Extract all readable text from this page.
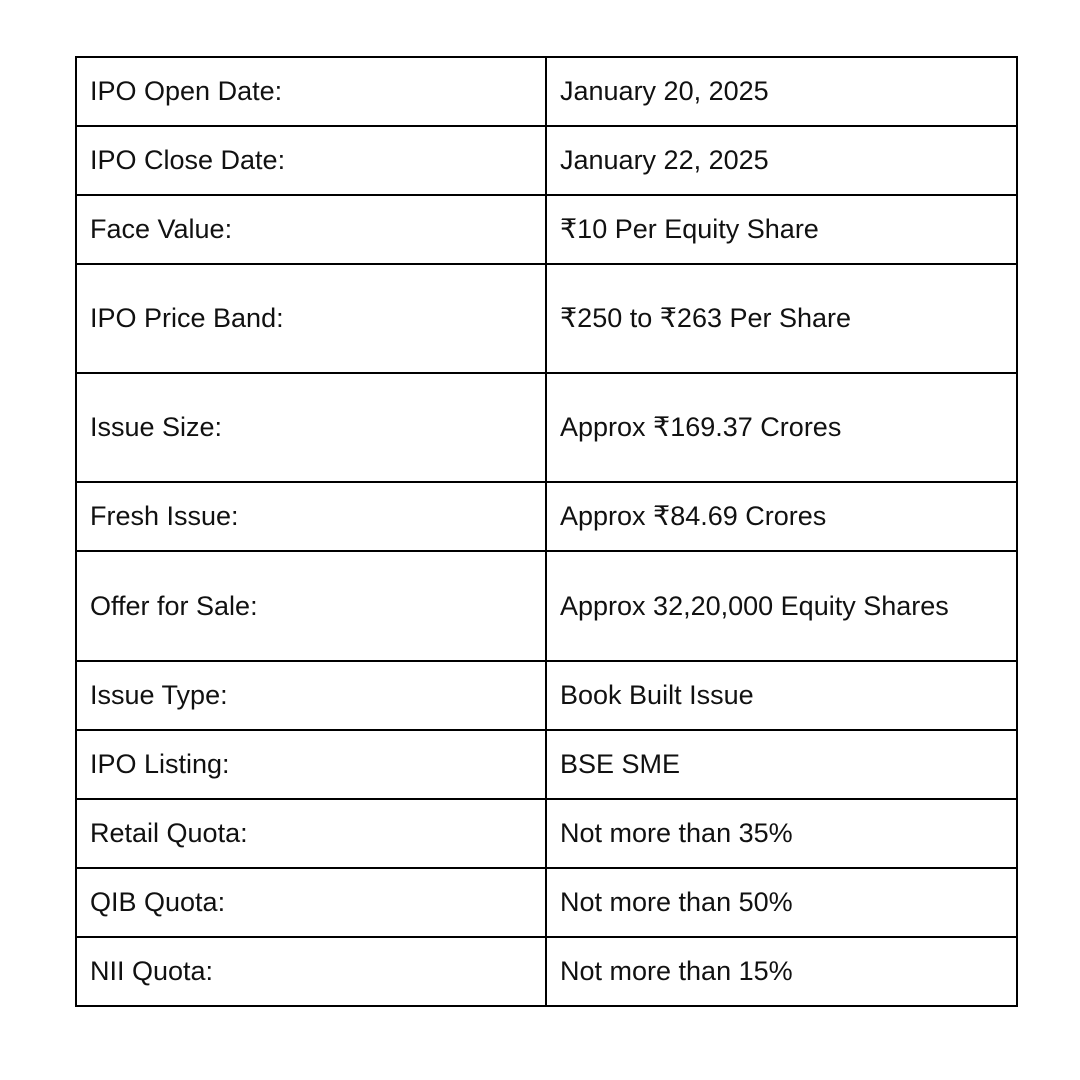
IPO Open Date:	January 20, 2025
IPO Close Date:	January 22, 2025
Face Value:	₹10 Per Equity Share
IPO Price Band:	₹250 to ₹263 Per Share
Issue Size:	Approx ₹169.37 Crores
Fresh Issue:	Approx ₹84.69 Crores
Offer for Sale:	Approx 32,20,000 Equity Shares
Issue Type:	Book Built Issue
IPO Listing:	BSE SME
Retail Quota:	Not more than 35%
QIB Quota:	Not more than 50%
NII Quota:	Not more than 15%
